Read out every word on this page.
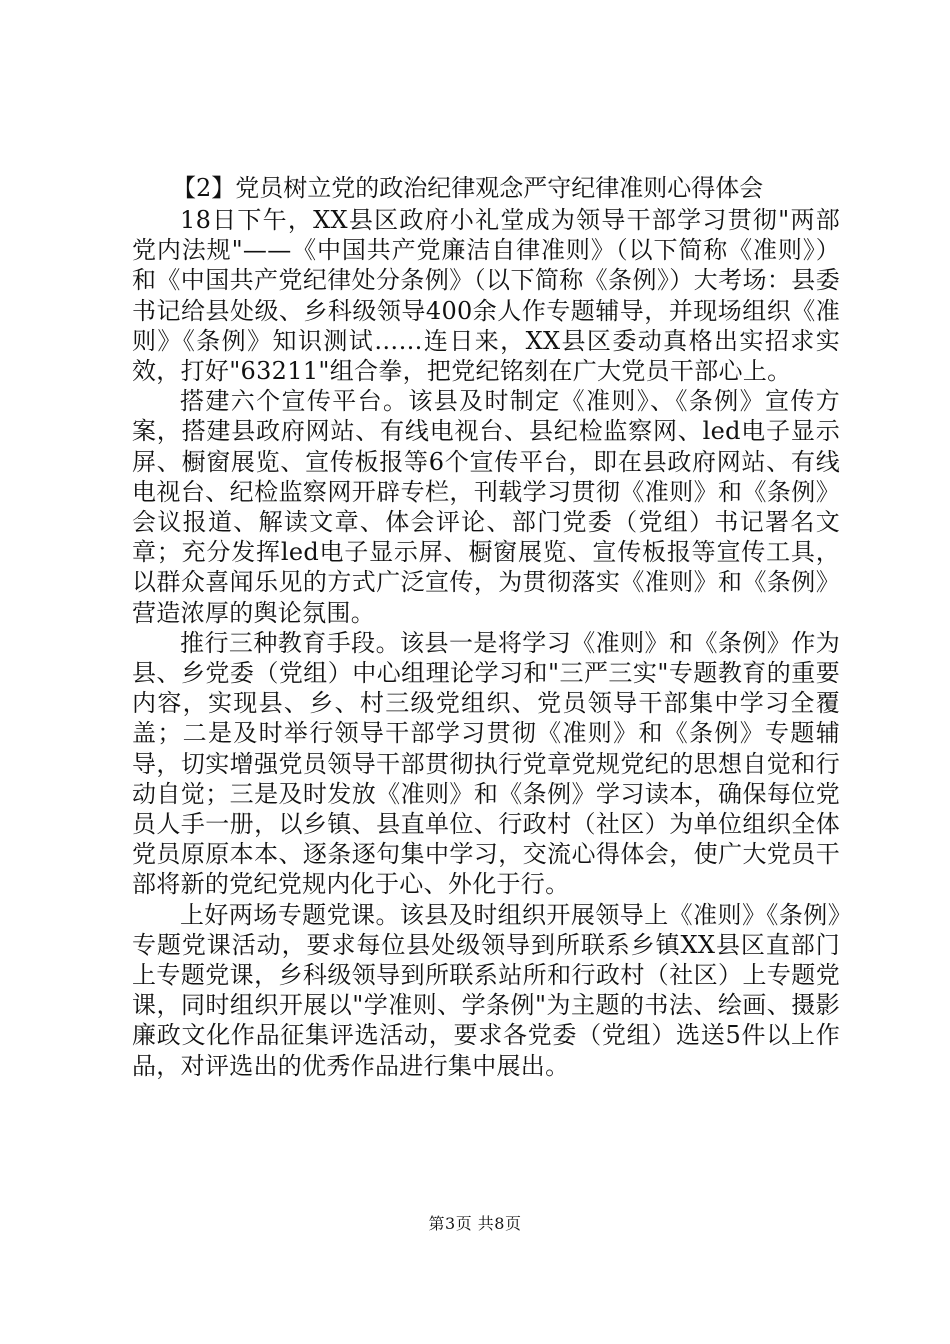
【2】党员树立党的政治纪律观念严守纪律准则心得体会

18日下午，XX县区政府小礼堂成为领导干部学习贯彻"两部党内法规"——《中国共产党廉洁自律准则》（以下简称《准则》）和《中国共产党纪律处分条例》（以下简称《条例》）大考场：县委书记给县处级、乡科级领导400余人作专题辅导，并现场组织《准则》《条例》知识测试……连日来，XX县区委动真格出实招求实效，打好"63211"组合拳，把党纪铭刻在广大党员干部心上。

搭建六个宣传平台。该县及时制定《准则》、《条例》宣传方案，搭建县政府网站、有线电视台、县纪检监察网、led电子显示屏、橱窗展览、宣传板报等6个宣传平台，即在县政府网站、有线电视台、纪检监察网开辟专栏，刊载学习贯彻《准则》和《条例》会议报道、解读文章、体会评论、部门党委（党组）书记署名文章；充分发挥led电子显示屏、橱窗展览、宣传板报等宣传工具，以群众喜闻乐见的方式广泛宣传，为贯彻落实《准则》和《条例》营造浓厚的舆论氛围。

推行三种教育手段。该县一是将学习《准则》和《条例》作为县、乡党委（党组）中心组理论学习和"三严三实"专题教育的重要内容，实现县、乡、村三级党组织、党员领导干部集中学习全覆盖；二是及时举行领导干部学习贯彻《准则》和《条例》专题辅导，切实增强党员领导干部贯彻执行党章党规党纪的思想自觉和行动自觉；三是及时发放《准则》和《条例》学习读本，确保每位党员人手一册，以乡镇、县直单位、行政村（社区）为单位组织全体党员原原本本、逐条逐句集中学习，交流心得体会，使广大党员干部将新的党纪党规内化于心、外化于行。

上好两场专题党课。该县及时组织开展领导上《准则》《条例》专题党课活动，要求每位县处级领导到所联系乡镇XX县区直部门上专题党课，乡科级领导到所联系站所和行政村（社区）上专题党课，同时组织开展以"学准则、学条例"为主题的书法、绘画、摄影廉政文化作品征集评选活动，要求各党委（党组）选送5件以上作品，对评选出的优秀作品进行集中展出。

第3页 共8页
